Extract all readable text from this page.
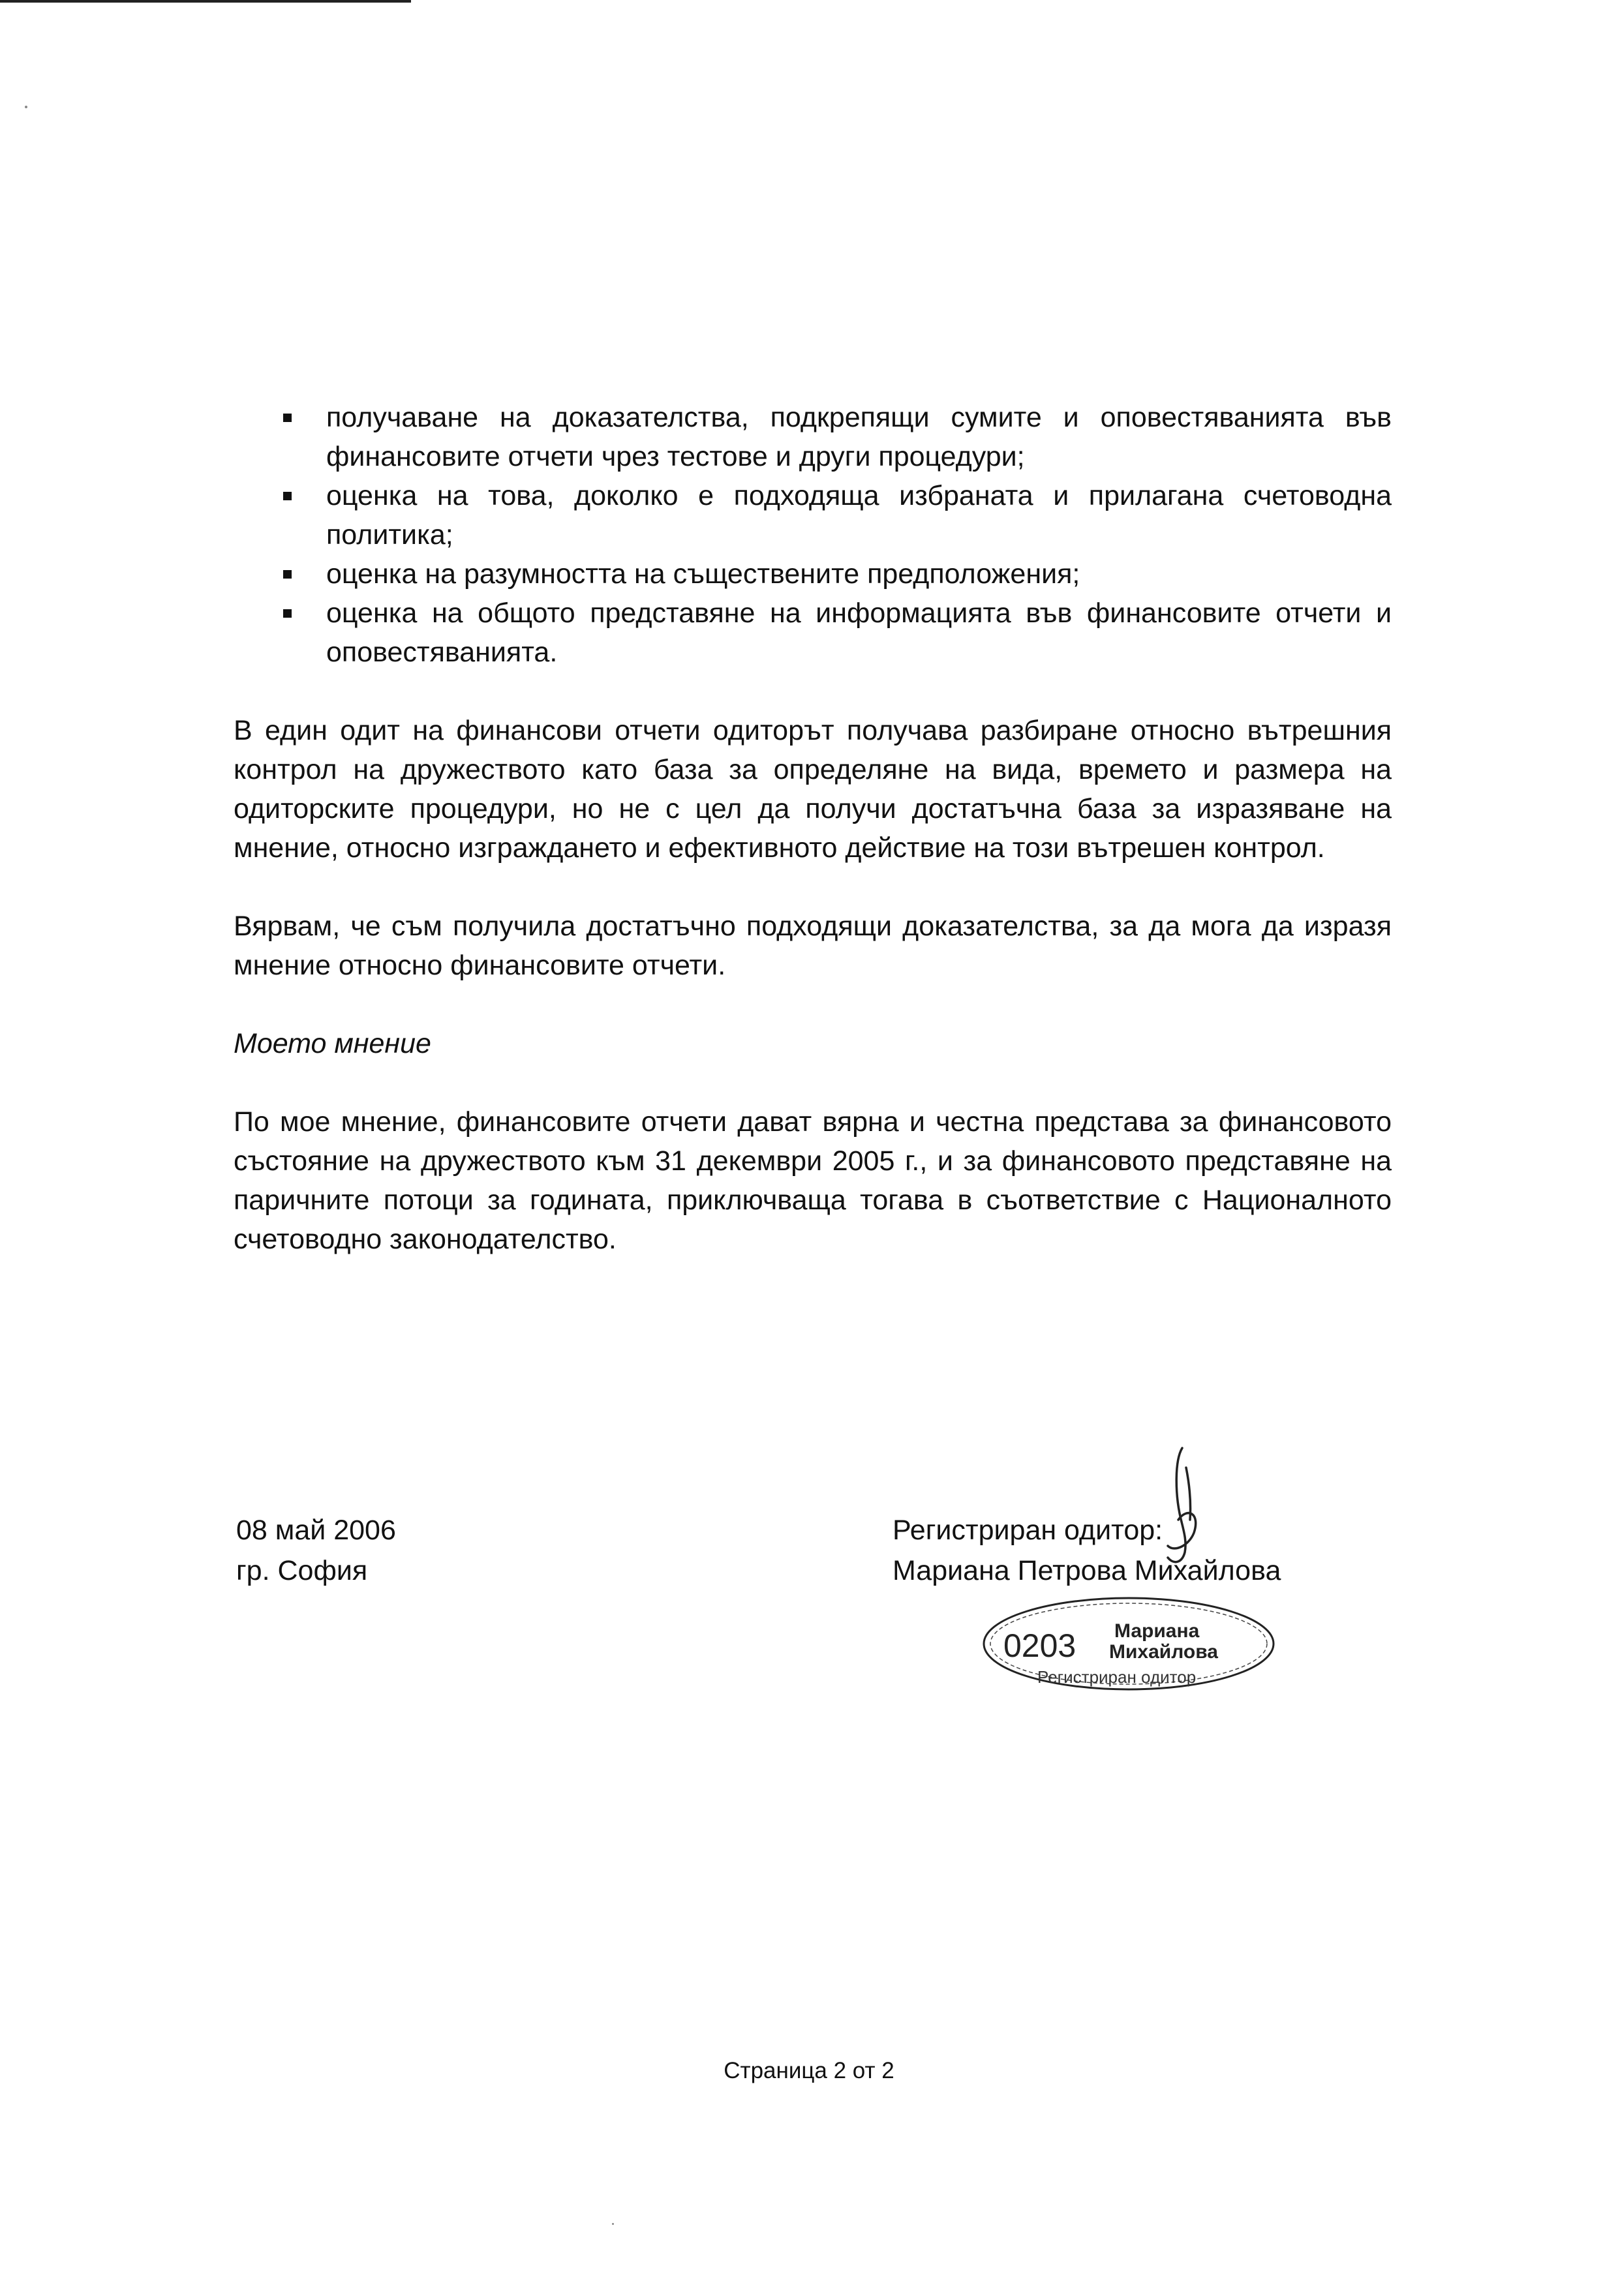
получаване на доказателства, подкрепящи сумите и оповестяванията във финансовите отчети чрез тестове и други процедури;
оценка на това, доколко е подходяща избраната и прилагана счетоводна политика;
оценка на разумността на съществените предположения;
оценка на общото представяне на информацията във финансовите отчети и оповестяванията.

В един одит на финансови отчети одиторът получава разбиране относно вътрешния контрол на дружеството като база за определяне на вида, времето и размера на одиторските процедури, но не с цел да получи достатъчна база за изразяване на мнение, относно изграждането и ефективното действие на този вътрешен контрол.

Вярвам, че съм получила достатъчно подходящи доказателства, за да мога да изразя мнение относно финансовите отчети.

Моето мнение

По мое мнение, финансовите отчети дават вярна и честна представа за финансовото състояние на дружеството към 31 декември 2005 г., и за финансовото представяне на паричните потоци за годината, приключваща тогава в съответствие с Националното счетоводно законодателство.

08 май 2006
гр. София
Регистриран одитор:
Мариана Петрова Михайлова
0203 Мариана
Михайлова
Регистриран одитор
Страница 2 от 2
